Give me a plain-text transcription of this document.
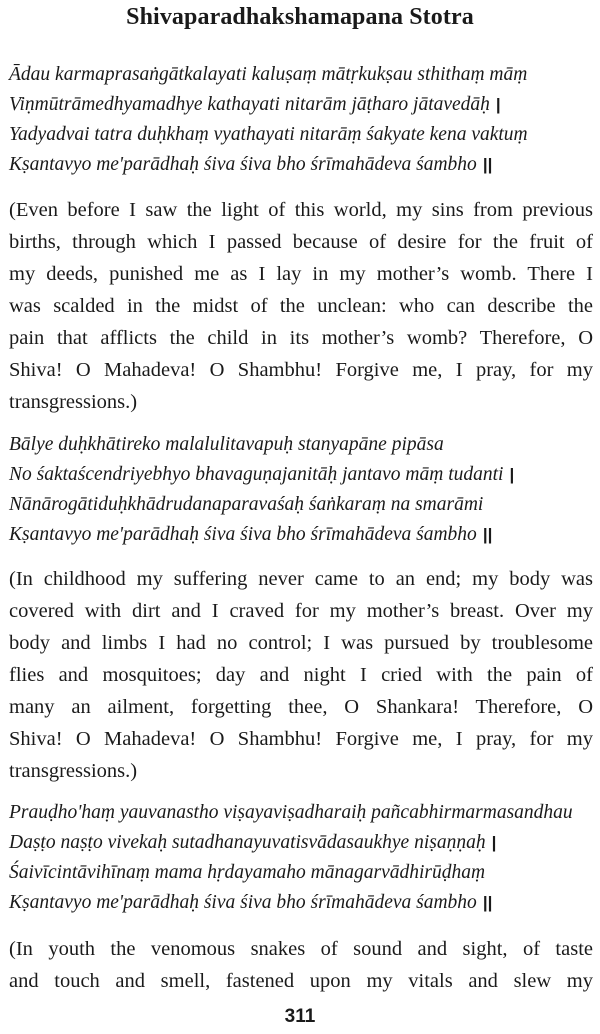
Shivaparadhakshamapana Stotra
Ādau karmaprasaṅgātkalayati kaluṣaṃ mātṛkukṣau sthithaṃ māṃ
Viṇmūtrāmedhyamadhye kathayati nitarām jāṭharo jātavedāḥ |
Yadyadvai tatra duḥkhaṃ vyathayati nitarāṃ śakyate kena vaktuṃ
Kṣantavyo me'parādhaḥ śiva śiva bho śrīmahādeva śambho ||
(Even before I saw the light of this world, my sins from previous
births, through which I passed because of desire for the fruit of
my deeds, punished me as I lay in my mother’s womb. There I
was scalded in the midst of the unclean: who can describe the
pain that afflicts the child in its mother’s womb? Therefore, O
Shiva! O Mahadeva! O Shambhu! Forgive me, I pray, for my
transgressions.)
Bālye duḥkhātireko malalulitavapuḥ stanyapāne pipāsa
No śaktaścendriyebhyo bhavaguṇajanitāḥ jantavo māṃ tudanti |
Nānārogātiduḥkhādrudanaparavaśaḥ śaṅkaraṃ na smarāmi
Kṣantavyo me'parādhaḥ śiva śiva bho śrīmahādeva śambho ||
(In childhood my suffering never came to an end; my body was
covered with dirt and I craved for my mother’s breast. Over my
body and limbs I had no control; I was pursued by troublesome
flies and mosquitoes; day and night I cried with the pain of
many an ailment, forgetting thee, O Shankara! Therefore, O
Shiva! O Mahadeva! O Shambhu! Forgive me, I pray, for my
transgressions.)
Prauḍho'haṃ yauvanastho viṣayaviṣadharaiḥ pañcabhirmarmasandhau
Daṣṭo naṣṭo vivekaḥ sutadhanayuvatisvādasaukhye niṣaṇṇaḥ |
Śaivīcintāvihīnaṃ mama hṛdayamaho mānagarvādhirūḍhaṃ
Kṣantavyo me'parādhaḥ śiva śiva bho śrīmahādeva śambho ||
(In youth the venomous snakes of sound and sight, of taste
and touch and smell, fastened upon my vitals and slew my
311
